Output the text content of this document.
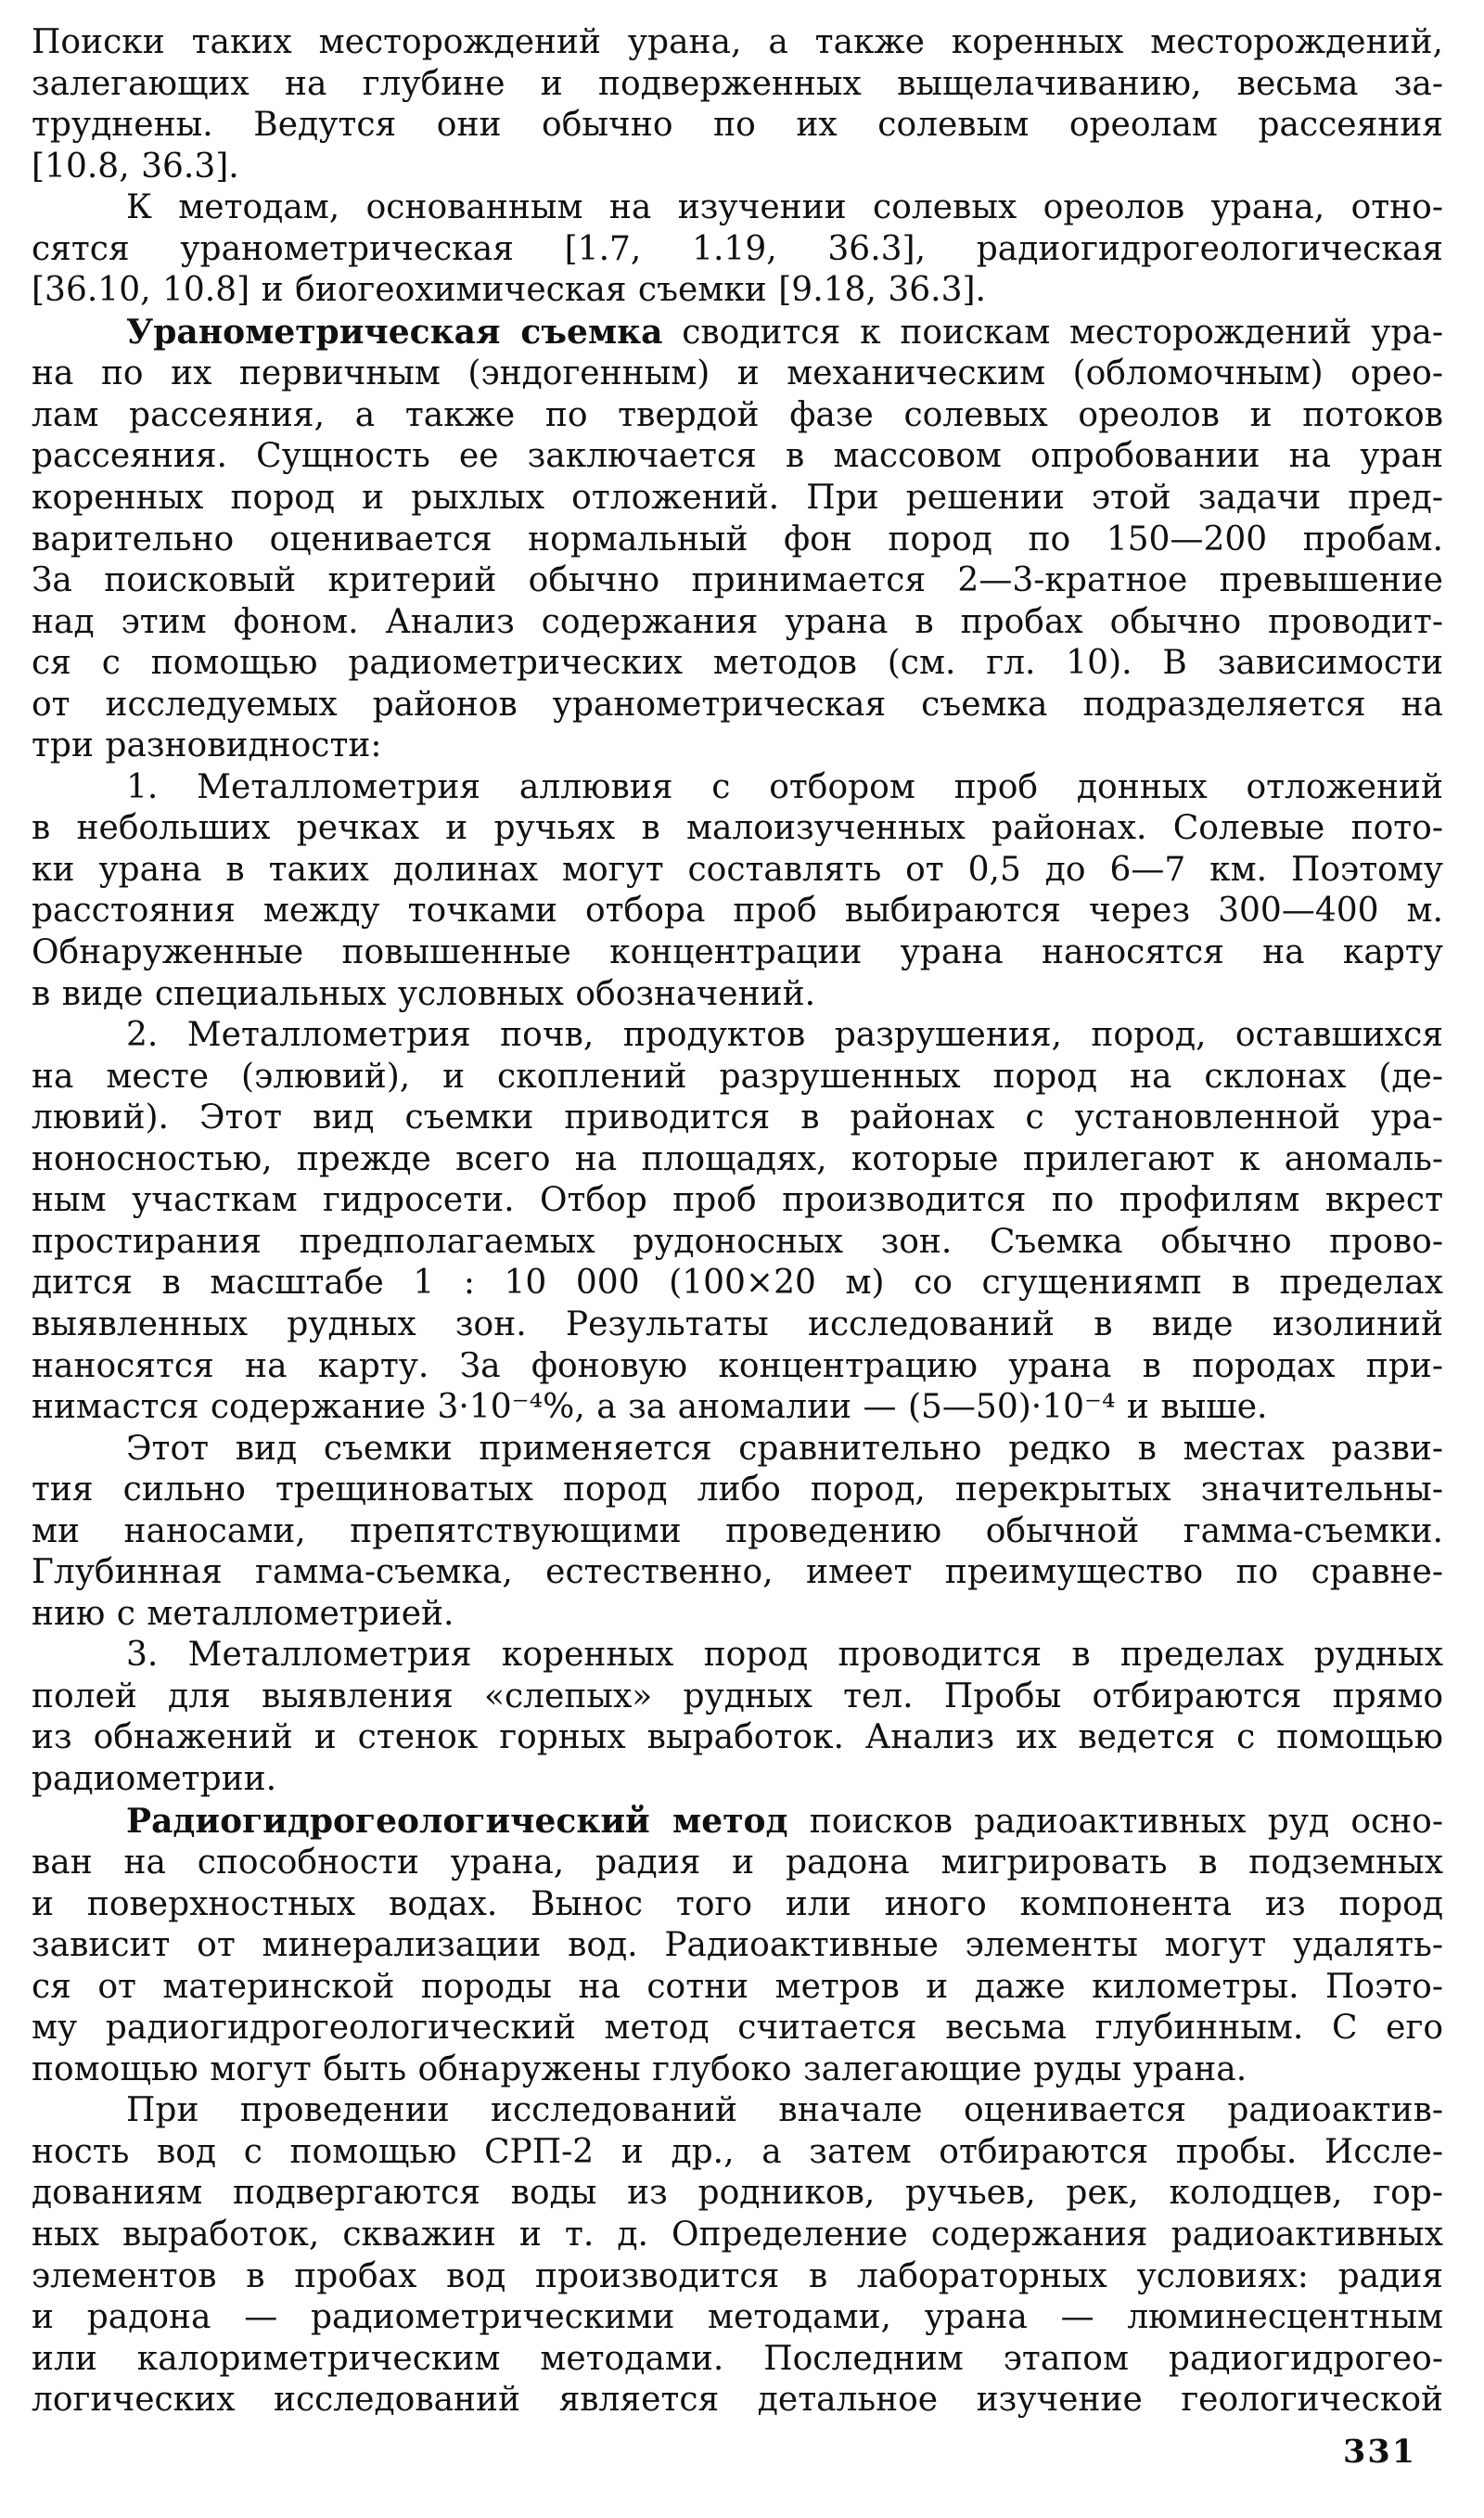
Поиски таких месторождений урана, а также коренных месторождений,
залегающих на глубине и подверженных выщелачиванию, весьма за-
труднены. Ведутся они обычно по их солевым ореолам рассеяния
[10.8, 36.3].
К методам, основанным на изучении солевых ореолов урана, отно-
сятся уранометрическая [1.7, 1.19, 36.3], радиогидрогеологическая
[36.10, 10.8] и биогеохимическая съемки [9.18, 36.3].
Уранометрическая съемка сводится к поискам месторождений ура-
на по их первичным (эндогенным) и механическим (обломочным) орео-
лам рассеяния, а также по твердой фазе солевых ореолов и потоков
рассеяния. Сущность ее заключается в массовом опробовании на уран
коренных пород и рыхлых отложений. При решении этой задачи пред-
варительно оценивается нормальный фон пород по 150—200 пробам.
За поисковый критерий обычно принимается 2—3-кратное превышение
над этим фоном. Анализ содержания урана в пробах обычно проводит-
ся с помощью радиометрических методов (см. гл. 10). В зависимости
от исследуемых районов уранометрическая съемка подразделяется на
три разновидности:
1. Металлометрия аллювия с отбором проб донных отложений
в небольших речках и ручьях в малоизученных районах. Солевые пото-
ки урана в таких долинах могут составлять от 0,5 до 6—7 км. Поэтому
расстояния между точками отбора проб выбираются через 300—400 м.
Обнаруженные повышенные концентрации урана наносятся на карту
в виде специальных условных обозначений.
2. Металлометрия почв, продуктов разрушения, пород, оставшихся
на месте (элювий), и скоплений разрушенных пород на склонах (де-
лювий). Этот вид съемки приводится в районах с установленной ура-
ноносностью, прежде всего на площадях, которые прилегают к аномаль-
ным участкам гидросети. Отбор проб производится по профилям вкрест
простирания предполагаемых рудоносных зон. Съемка обычно прово-
дится в масштабе 1 : 10 000 (100×20 м) со сгущениямп в пределах
выявленных рудных зон. Результаты исследований в виде изолиний
наносятся на карту. За фоновую концентрацию урана в породах при-
нимастся содержание 3·10⁻⁴%, а за аномалии — (5—50)·10⁻⁴ и выше.
Этот вид съемки применяется сравнительно редко в местах разви-
тия сильно трещиноватых пород либо пород, перекрытых значительны-
ми наносами, препятствующими проведению обычной гамма-съемки.
Глубинная гамма-съемка, естественно, имеет преимущество по сравне-
нию с металлометрией.
3. Металлометрия коренных пород проводится в пределах рудных
полей для выявления «слепых» рудных тел. Пробы отбираются прямо
из обнажений и стенок горных выработок. Анализ их ведется с помощью
радиометрии.
Радиогидрогеологический метод поисков радиоактивных руд осно-
ван на способности урана, радия и радона мигрировать в подземных
и поверхностных водах. Вынос того или иного компонента из пород
зависит от минерализации вод. Радиоактивные элементы могут удалять-
ся от материнской породы на сотни метров и даже километры. Поэто-
му радиогидрогеологический метод считается весьма глубинным. С его
помощью могут быть обнаружены глубоко залегающие руды урана.
При проведении исследований вначале оценивается радиоактив-
ность вод с помощью СРП-2 и др., а затем отбираются пробы. Иссле-
дованиям подвергаются воды из родников, ручьев, рек, колодцев, гор-
ных выработок, скважин и т. д. Определение содержания радиоактивных
элементов в пробах вод производится в лабораторных условиях: радия
и радона — радиометрическими методами, урана — люминесцентным
или калориметрическим методами. Последним этапом радиогидрогео-
логических исследований является детальное изучение геологической
331
